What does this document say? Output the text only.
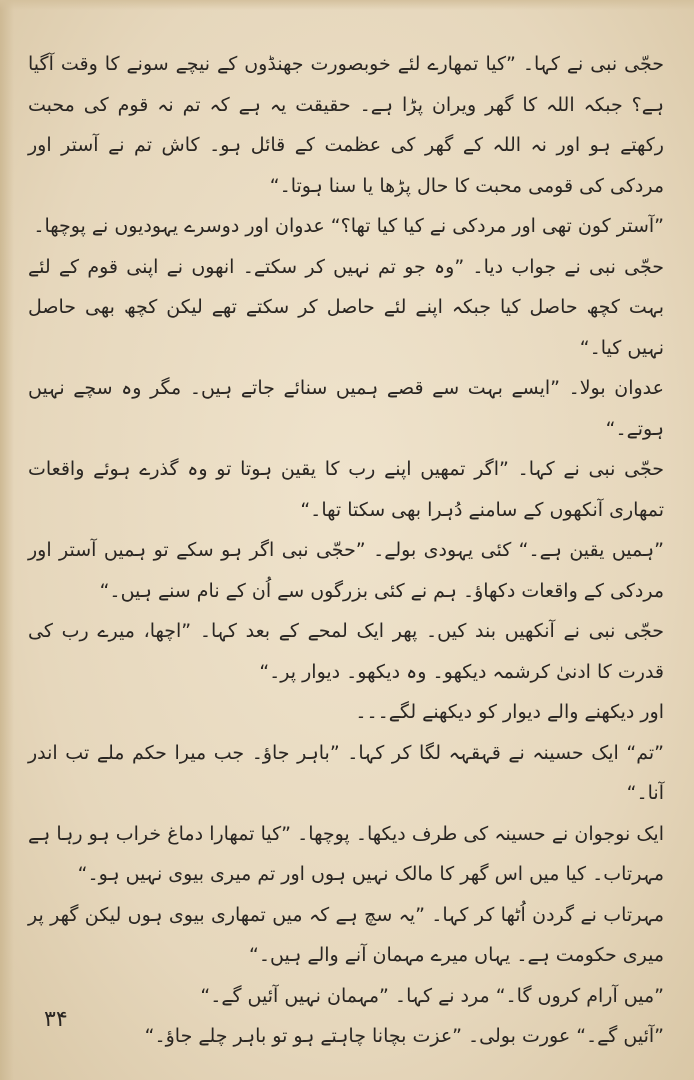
حجّی نبی نے کہا۔ ”کیا تمھارے لئے خوبصورت جھنڈوں کے نیچے سونے کا وقت آگیا ہے؟ جبکہ اللہ کا گھر ویران پڑا ہے۔ حقیقت یہ ہے کہ تم نہ قوم کی محبت رکھتے ہو اور نہ اللہ کے گھر کی عظمت کے قائل ہو۔ کاش تم نے آستر اور مردکی کی قومی محبت کا حال پڑھا یا سنا ہوتا۔“

”آستر کون تھی اور مردکی نے کیا کیا تھا؟“ عدوان اور دوسرے یہودیوں نے پوچھا۔

حجّی نبی نے جواب دیا۔ ”وہ جو تم نہیں کر سکتے۔ انھوں نے اپنی قوم کے لئے بہت کچھ حاصل کیا جبکہ اپنے لئے حاصل کر سکتے تھے لیکن کچھ بھی حاصل نہیں کیا۔“

عدوان بولا۔ ”ایسے بہت سے قصے ہمیں سنائے جاتے ہیں۔ مگر وہ سچے نہیں ہوتے۔“

حجّی نبی نے کہا۔ ”اگر تمھیں اپنے رب کا یقین ہوتا تو وہ گذرے ہوئے واقعات تمھاری آنکھوں کے سامنے دُہرا بھی سکتا تھا۔“

”ہمیں یقین ہے۔“ کئی یہودی بولے۔ ”حجّی نبی اگر ہو سکے تو ہمیں آستر اور مردکی کے واقعات دکھاؤ۔ ہم نے کئی بزرگوں سے اُن کے نام سنے ہیں۔“

حجّی نبی نے آنکھیں بند کیں۔ پھر ایک لمحے کے بعد کہا۔ ”اچھا، میرے رب کی قدرت کا ادنیٰ کرشمہ دیکھو۔ وہ دیکھو۔ دیوار پر۔“

اور دیکھنے والے دیوار کو دیکھنے لگے۔۔۔

”تم“ ایک حسینہ نے قہقہہ لگا کر کہا۔ ”باہر جاؤ۔ جب میرا حکم ملے تب اندر آنا۔“

ایک نوجوان نے حسینہ کی طرف دیکھا۔ پوچھا۔ ”کیا تمھارا دماغ خراب ہو رہا ہے مہرتاب۔ کیا میں اس گھر کا مالک نہیں ہوں اور تم میری بیوی نہیں ہو۔“

مہرتاب نے گردن اُٹھا کر کہا۔ ”یہ سچ ہے کہ میں تمھاری بیوی ہوں لیکن گھر پر میری حکومت ہے۔ یہاں میرے مہمان آنے والے ہیں۔“

”میں آرام کروں گا۔“ مرد نے کہا۔ ”مہمان نہیں آئیں گے۔“

”آئیں گے۔“ عورت بولی۔ ”عزت بچانا چاہتے ہو تو باہر چلے جاؤ۔“

۳۴
